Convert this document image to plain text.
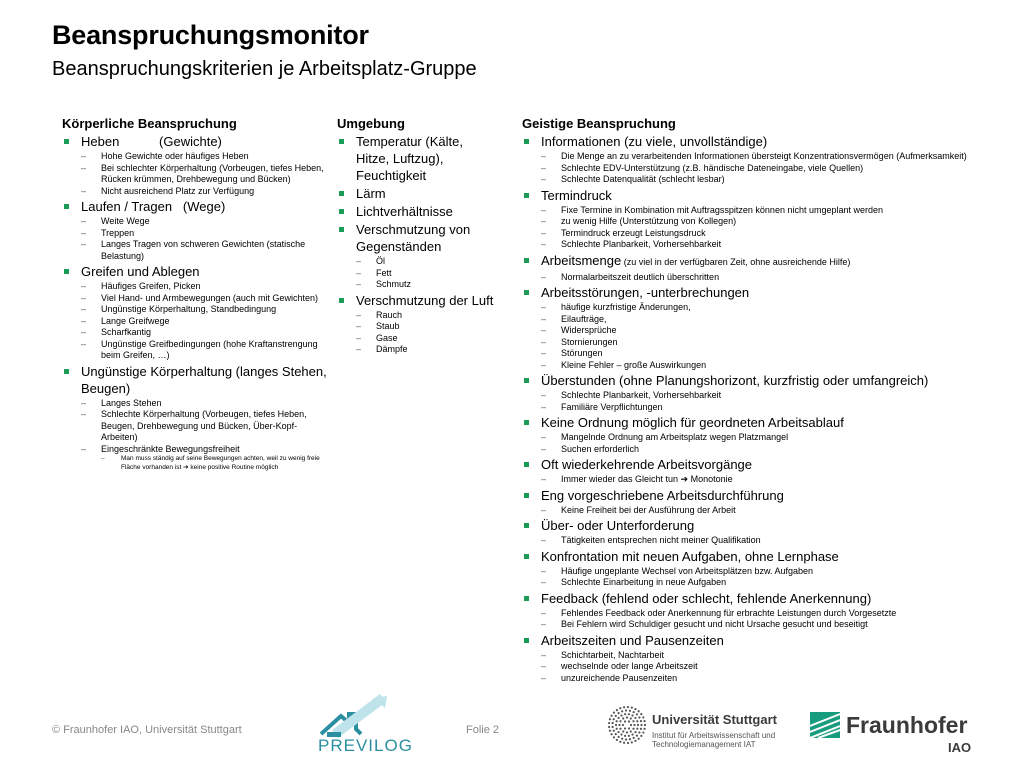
Beanspruchungsmonitor
Beanspruchungskriterien je Arbeitsplatz-Gruppe
Körperliche Beanspruchung
Heben           (Gewichte)
– Hohe Gewichte oder häufiges Heben
– Bei schlechter Körperhaltung (Vorbeugen, tiefes Heben, Rücken krümmen, Drehbewegung und Bücken)
– Nicht ausreichend Platz zur Verfügung
Laufen / Tragen   (Wege)
– Weite Wege
– Treppen
– Langes Tragen von schweren Gewichten (statische Belastung)
Greifen und Ablegen
– Häufiges Greifen, Picken
– Viel Hand- und Armbewegungen (auch mit Gewichten)
– Ungünstige Körperhaltung, Standbedingung
– Lange Greifwege
– Scharfkantig
– Ungünstige Greifbedingungen (hohe Kraftanstrengung beim Greifen, …)
Ungünstige Körperhaltung (langes Stehen, Beugen)
– Langes Stehen
– Schlechte Körperhaltung (Vorbeugen, tiefes Heben, Beugen, Drehbewegung und Bücken, Über-Kopf-Arbeiten)
– Eingeschränkte Bewegungsfreiheit
–	Man muss ständig auf seine Bewegungen achten, weil zu wenig freie Fläche vorhanden ist ➔ keine positive Routine möglich
Umgebung
Temperatur (Kälte, Hitze, Luftzug), Feuchtigkeit
Lärm
Lichtverhältnisse
Verschmutzung von Gegenständen
– Öl
– Fett
– Schmutz
Verschmutzung der Luft
– Rauch
– Staub
– Gase
– Dämpfe
Geistige Beanspruchung
Informationen (zu viele, unvollständige)
– Die Menge an zu verarbeitenden Informationen übersteigt Konzentrationsvermögen (Aufmerksamkeit)
– Schlechte EDV-Unterstützung (z.B. händische Dateneingabe, viele Quellen)
– Schlechte Datenqualität (schlecht lesbar)
Termindruck
– Fixe Termine in Kombination mit Auftragsspitzen können nicht umgeplant werden
– zu wenig Hilfe (Unterstützung von Kollegen)
– Termindruck erzeugt Leistungsdruck
– Schlechte Planbarkeit, Vorhersehbarkeit
Arbeitsmenge (zu viel in der verfügbaren Zeit, ohne ausreichende Hilfe)
– Normalarbeitszeit deutlich überschritten
Arbeitsstörungen, -unterbrechungen
– häufige kurzfristige Änderungen,
– Eilaufträge,
– Widersprüche
– Stornierungen
– Störungen
– Kleine Fehler – große Auswirkungen
Überstunden (ohne Planungshorizont, kurzfristig oder umfangreich)
– Schlechte Planbarkeit, Vorhersehbarkeit
– Familiäre Verpflichtungen
Keine Ordnung möglich für geordneten Arbeitsablauf
– Mangelnde Ordnung am Arbeitsplatz wegen Platzmangel
– Suchen erforderlich
Oft wiederkehrende Arbeitsvorgänge
– Immer wieder das Gleicht tun ➔ Monotonie
Eng vorgeschriebene Arbeitsdurchführung
– Keine Freiheit bei der Ausführung der Arbeit
Über- oder Unterforderung
– Tätigkeiten entsprechen nicht meiner Qualifikation
Konfrontation mit neuen Aufgaben, ohne Lernphase
– Häufige ungeplante Wechsel von Arbeitsplätzen bzw. Aufgaben
– Schlechte Einarbeitung in neue Aufgaben
Feedback (fehlend oder schlecht, fehlende Anerkennung)
– Fehlendes Feedback oder Anerkennung für erbrachte Leistungen durch Vorgesetzte
– Bei Fehlern wird Schuldiger gesucht und nicht Ursache gesucht und beseitigt
Arbeitszeiten und Pausenzeiten
– Schichtarbeit, Nachtarbeit
– wechselnde oder lange Arbeitszeit
– unzureichende Pausenzeiten
© Fraunhofer IAO, Universität Stuttgart	Folie 2
PREVILOG
Universität Stuttgart
Institut für Arbeitswissenschaft und
Technologiemanagement IAT
Fraunhofer
IAO
